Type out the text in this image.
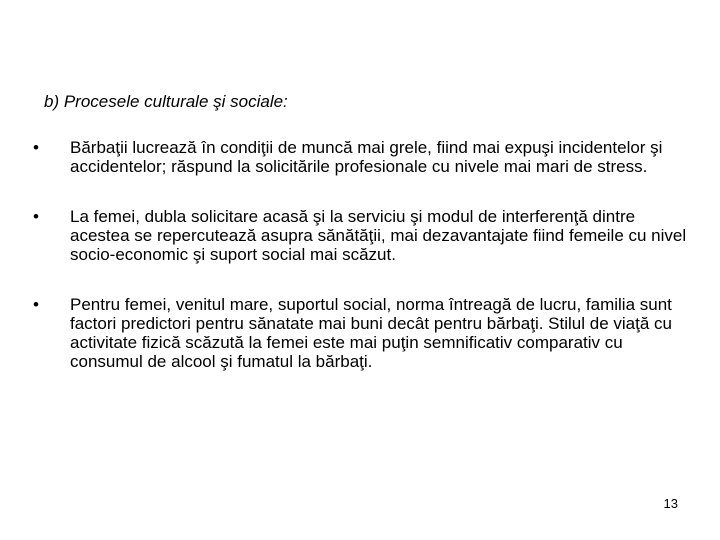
b) Procesele culturale şi sociale:
• Bărbaţii lucrează în condiţii de muncă mai grele, fiind mai expuşi incidentelor şi accidentelor; răspund la solicitările profesionale cu nivele mai mari de stress.
• La femei, dubla solicitare acasă şi la serviciu şi modul de interferenţă dintre acestea se repercutează asupra sănătăţii, mai dezavantajate fiind femeile cu nivel socio-economic şi suport social mai scăzut.
• Pentru femei, venitul mare, suportul social, norma întreagă de lucru, familia sunt factori predictori pentru sănatate mai buni decât pentru bărbaţi. Stilul de viaţă cu activitate fizică scăzută la femei este mai puţin semnificativ comparativ cu consumul de alcool şi fumatul la bărbaţi.
13
